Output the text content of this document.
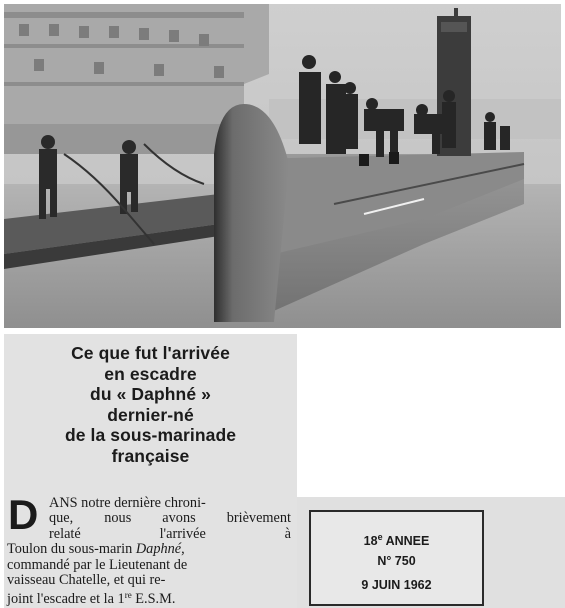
Ce que fut l'arrivée
en escadre
du « Daphné »
dernier-né
de la sous-marinade
française
D ANS notre dernière chroni-
que, nous avons brièvement
relaté	l'arrivée	à
Toulon du sous-marin Daphné,
commandé par le Lieutenant de
vaisseau Chatelle, et qui re-
joint l'escadre et la 1re E.S.M.
18e ANNEE
N° 750
9 JUIN 1962
